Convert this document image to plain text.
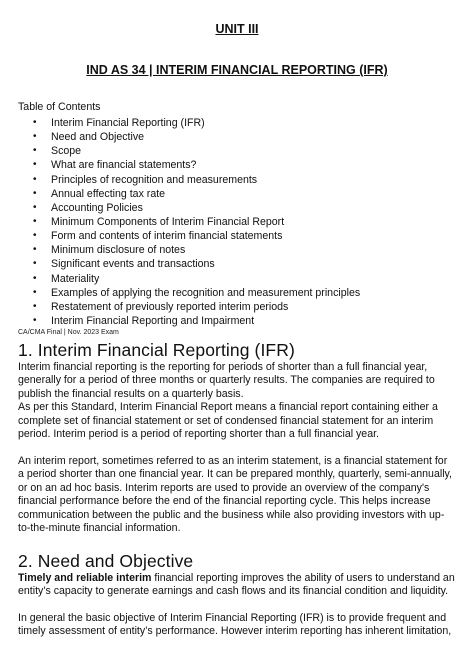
UNIT III
IND AS 34 | INTERIM FINANCIAL REPORTING (IFR)
Table of Contents
• Interim Financial Reporting (IFR)
• Need and Objective
• Scope
• What are financial statements?
• Principles of recognition and measurements
• Annual effecting tax rate
• Accounting Policies
• Minimum Components of Interim Financial Report
• Form and contents of interim financial statements
• Minimum disclosure of notes
• Significant events and transactions
• Materiality
• Examples of applying the recognition and measurement principles
• Restatement of previously reported interim periods
• Interim Financial Reporting and Impairment
CA/CMA Final | Nov. 2023 Exam
1. Interim Financial Reporting (IFR)
Interim financial reporting is the reporting for periods of shorter than a full financial year,
generally for a period of three months or quarterly results. The companies are required to
publish the financial results on a quarterly basis.
As per this Standard, Interim Financial Report means a financial report containing either a
complete set of financial statement or set of condensed financial statement for an interim
period. Interim period is a period of reporting shorter than a full financial year.
An interim report, sometimes referred to as an interim statement, is a financial statement for
a period shorter than one financial year. It can be prepared monthly, quarterly, semi-annually,
or on an ad hoc basis. Interim reports are used to provide an overview of the company's
financial performance before the end of the financial reporting cycle. This helps increase
communication between the public and the business while also providing investors with up-
to-the-minute financial information.
2. Need and Objective
Timely and reliable interim financial reporting improves the ability of users to understand an
entity’s capacity to generate earnings and cash flows and its financial condition and liquidity.
In general the basic objective of Interim Financial Reporting (IFR) is to provide frequent and
timely assessment of entity’s performance. However interim reporting has inherent limitation,
